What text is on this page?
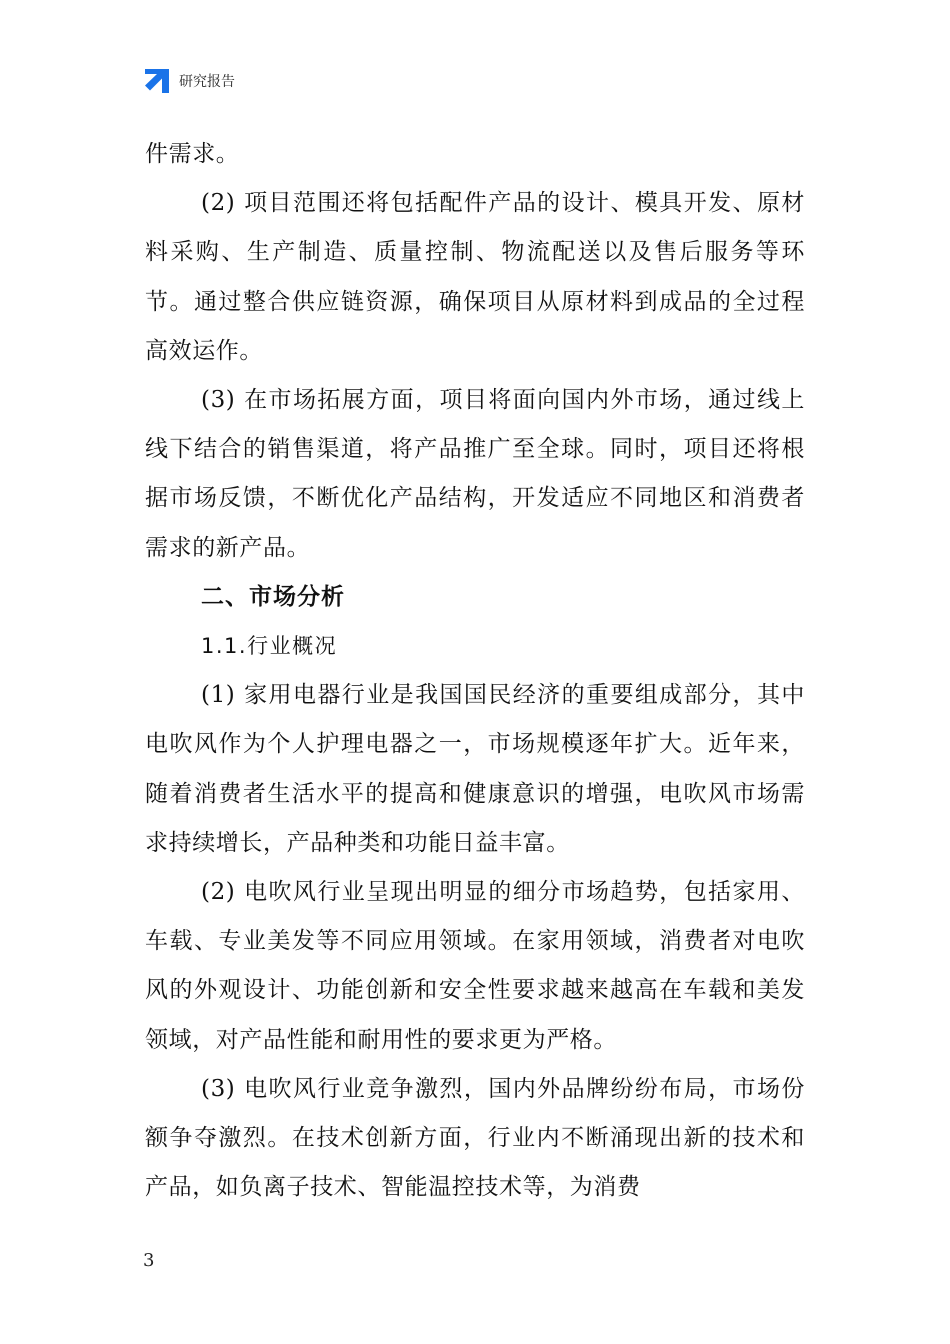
研究报告

件需求。

(2) 项目范围还将包括配件产品的设计、模具开发、原材料采购、生产制造、质量控制、物流配送以及售后服务等环节。通过整合供应链资源，确保项目从原材料到成品的全过程高效运作。

(3) 在市场拓展方面，项目将面向国内外市场，通过线上线下结合的销售渠道，将产品推广至全球。同时，项目还将根据市场反馈，不断优化产品结构，开发适应不同地区和消费者需求的新产品。

二、市场分析

1.1.行业概况

(1) 家用电器行业是我国国民经济的重要组成部分，其中电吹风作为个人护理电器之一，市场规模逐年扩大。近年来，随着消费者生活水平的提高和健康意识的增强，电吹风市场需求持续增长，产品种类和功能日益丰富。

(2) 电吹风行业呈现出明显的细分市场趋势，包括家用、车载、专业美发等不同应用领域。在家用领域，消费者对电吹风的外观设计、功能创新和安全性要求越来越高在车载和美发领域，对产品性能和耐用性的要求更为严格。

(3) 电吹风行业竞争激烈，国内外品牌纷纷布局，市场份额争夺激烈。在技术创新方面，行业内不断涌现出新的技术和产品，如负离子技术、智能温控技术等，为消费

3
